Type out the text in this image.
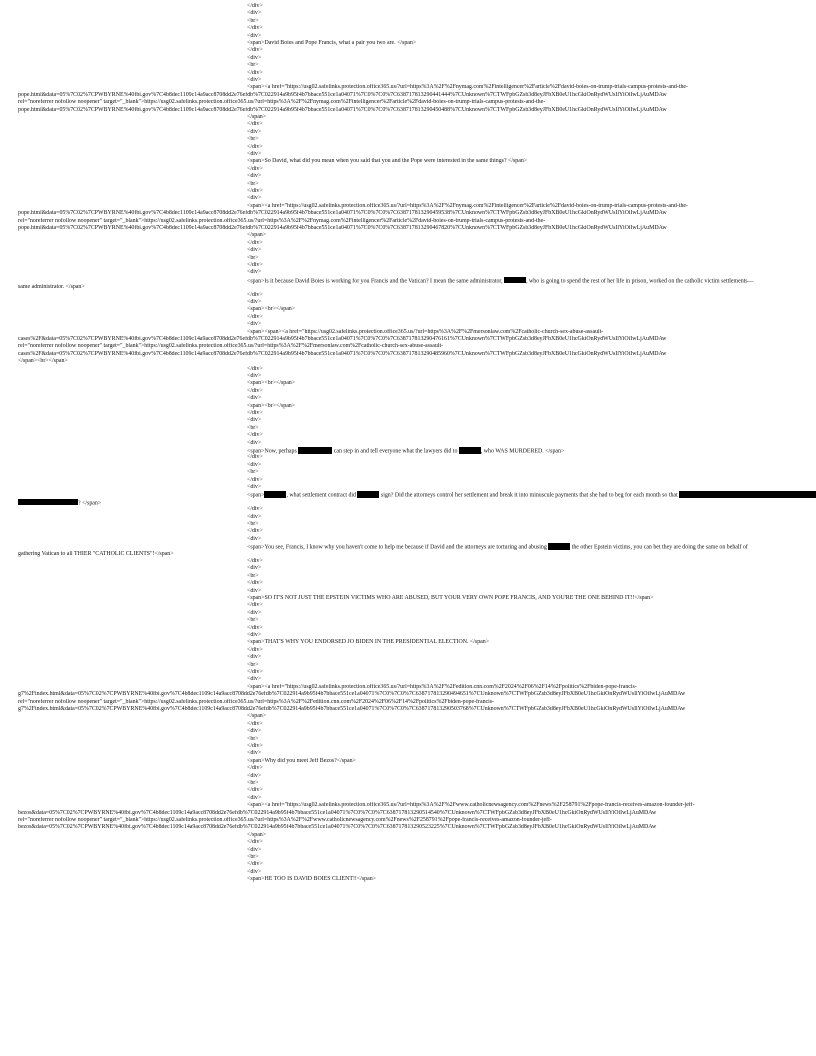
</div>
<div>
<br>
</div>
<div>
<span>David Boies and Pope Francis, what a pair you two are. </span>
</div>
<div>
<br>
</div>
<div>
<span><a href="https://usg02.safelinks.protection.office365.us/?url=https%3A%2F%2Fnymag.com%2Fintelligencer%2Farticle%2Fdavid-boies-on-trump-trials-campus-protests-and-the-
pope.html&data=05%7C02%7CPWBYRNE%40fbi.gov%7C4b8dec1109c14a9acc8708dd2e76efdb%7C022914a9b95f4b7bbace551ce1a04071%7C0%7C0%7C638717813290441444%7CUnknown%7CTWFpbGZsb3d8eyJFbXB0eU1hcGkiOnRydWUsIlYiOiIwLjAuMDAw
rel="noreferrer nofollow noopener" target="_blank">https://usg02.safelinks.protection.office365.us/?url=https%3A%2F%2Fnymag.com%2Fintelligencer%2Farticle%2Fdavid-boies-on-trump-trials-campus-protests-and-the-
pope.html&data=05%7C02%7CPWBYRNE%40fbi.gov%7C4b8dec1109c14a9acc8708dd2e76efdb%7C022914a9b95f4b7bbace551ce1a04071%7C0%7C0%7C638717813290450488%7CUnknown%7CTWFpbGZsb3d8eyJFbXB0eU1hcGkiOnRydWUsIlYiOiIwLjAuMDAw
</span>
</div>
<div>
<br>
</div>
<div>
<span>So David, what did you mean when you said that you and the Pope were interested in the same things? </span>
</div>
<div>
<br>
</div>
<div>
<span><a href="https://usg02.safelinks.protection.office365.us/?url=https%3A%2F%2Fnymag.com%2Fintelligencer%2Farticle%2Fdavid-boies-on-trump-trials-campus-protests-and-the-
pope.html&data=05%7C02%7CPWBYRNE%40fbi.gov%7C4b8dec1109c14a9acc8708dd2e76efdb%7C022914a9b95f4b7bbace551ce1a04071%7C0%7C0%7C638717813290459538%7CUnknown%7CTWFpbGZsb3d8eyJFbXB0eU1hcGkiOnRydWUsIlYiOiIwLjAuMDAw
rel="noreferrer nofollow noopener" target="_blank">https://usg02.safelinks.protection.office365.us/?url=https%3A%2F%2Fnymag.com%2Fintelligencer%2Farticle%2Fdavid-boies-on-trump-trials-campus-protests-and-the-
pope.html&data=05%7C02%7CPWBYRNE%40fbi.gov%7C4b8dec1109c14a9acc8708dd2e76efdb%7C022914a9b95f4b7bbace551ce1a04071%7C0%7C0%7C638717813290467820%7CUnknown%7CTWFpbGZsb3d8eyJFbXB0eU1hcGkiOnRydWUsIlYiOiIwLjAuMDAw
</span>
</div>
<div>
<br>
</div>
<div>
<span>Is it because David Boies is working for you Francis and the Vatican? I mean the same administrator,	, who is going to spend the rest of her life in prison, worked on the catholic victim settlements—
same administrator. </span>
</div>
<div>
<span><br></span>
</div>
<div>
<span><span><a href="https://usg02.safelinks.protection.office365.us/?url=https%3A%2F%2Fmersonlaw.com%2Fcatholic-church-sex-abuse-assault-
cases%2F&data=05%7C02%7CPWBYRNE%40fbi.gov%7C4b8dec1109c14a9acc8708dd2e76efdb%7C022914a9b95f4b7bbace551ce1a04071%7C0%7C0%7C638717813290476161%7CUnknown%7CTWFpbGZsb3d8eyJFbXB0eU1hcGkiOnRydWUsIlYiOiIwLjAuMDAw
rel="noreferrer nofollow noopener" target="_blank">https://usg02.safelinks.protection.office365.us/?url=https%3A%2F%2Fmersonlaw.com%2Fcatholic-church-sex-abuse-assault-
cases%2F&data=05%7C02%7CPWBYRNE%40fbi.gov%7C4b8dec1109c14a9acc8708dd2e76efdb%7C022914a9b95f4b7bbace551ce1a04071%7C0%7C0%7C638717813290485960%7CUnknown%7CTWFpbGZsb3d8eyJFbXB0eU1hcGkiOnRydWUsIlYiOiIwLjAuMDAw
</span><br></span>
</div>
<div>
<span><br></span>
</div>
<div>
<span><br></span>
</div>
<div>
<br>
</div>
<div>
<span>Now, perhaps	can step in and tell everyone what the lawyers did to	, who WAS MURDERED. </span>
</div>
<div>
<br>
</div>
<div>
<span>	, what settlement contract did	sign? Did the attorneys control her settlement and break it into minuscule payments that she had to beg for each month so that
? </span>
</div>
<div>
<br>
</div>
<div>
<span>You see, Francis, I know why you haven't come to help me because if David and the attorneys are torturing and abusing	the other Epstein victims, you can bet they are doing the same on behalf of
gathering Vatican to all THIER "CATHOLIC CLIENTS"!</span>
</div>
<div>
<br>
</div>
<div>
<span>SO IT'S NOT JUST THE EPSTEIN VICTIMS WHO ARE ABUSED, BUT YOUR VERY OWN POPE FRANCIS, AND YOU'RE THE ONE BEHIND IT!!</span>
</div>
<div>
<br>
</div>
<div>
<span>THAT'S WHY YOU ENDORSED JO BIDEN IN THE PRESIDENTIAL ELECTION. </span>
</div>
<div>
<br>
</div>
<div>
<span><a href="https://usg02.safelinks.protection.office365.us/?url=https%3A%2F%2Fedition.cnn.com%2F2024%2F06%2F14%2Fpolitics%2Fbiden-pope-francis-
g7%2Findex.html&data=05%7C02%7CPWBYRNE%40fbi.gov%7C4b8dec1109c14a9acc8708dd2e76efdb%7C022914a9b95f4b7bbace551ce1a04071%7C0%7C0%7C638717813290494651%7CUnknown%7CTWFpbGZsb3d8eyJFbXB0eU1hcGkiOnRydWUsIlYiOiIwLjAuMDAw
rel="noreferrer nofollow noopener" target="_blank">https://usg02.safelinks.protection.office365.us/?url=https%3A%2F%2Fedition.cnn.com%2F2024%2F06%2F14%2Fpolitics%2Fbiden-pope-francis-
g7%2Findex.html&data=05%7C02%7CPWBYRNE%40fbi.gov%7C4b8dec1109c14a9acc8708dd2e76efdb%7C022914a9b95f4b7bbace551ce1a04071%7C0%7C0%7C638717813290503768%7CUnknown%7CTWFpbGZsb3d8eyJFbXB0eU1hcGkiOnRydWUsIlYiOiIwLjAuMDAw
</span>
</div>
<div>
<br>
</div>
<div>
<span>Why did you meet Jeff Bezos?</span>
</div>
<div>
<br>
</div>
<div>
<span><a href="https://usg02.safelinks.protection.office365.us/?url=https%3A%2F%2Fwww.catholicnewsagency.com%2Fnews%2F258791%2Fpope-francis-receives-amazon-founder-jeff-
bezos&data=05%7C02%7CPWBYRNE%40fbi.gov%7C4b8dec1109c14a9acc8708dd2e76efdb%7C022914a9b95f4b7bbace551ce1a04071%7C0%7C0%7C638717813290514540%7CUnknown%7CTWFpbGZsb3d8eyJFbXB0eU1hcGkiOnRydWUsIlYiOiIwLjAuMDAw
rel="noreferrer nofollow noopener" target="_blank">https://usg02.safelinks.protection.office365.us/?url=https%3A%2F%2Fwww.catholicnewsagency.com%2Fnews%2F258791%2Fpope-francis-receives-amazon-founder-jeff-
bezos&data=05%7C02%7CPWBYRNE%40fbi.gov%7C4b8dec1109c14a9acc8708dd2e76efdb%7C022914a9b95f4b7bbace551ce1a04071%7C0%7C0%7C638717813290523225%7CUnknown%7CTWFpbGZsb3d8eyJFbXB0eU1hcGkiOnRydWUsIlYiOiIwLjAuMDAw
</span>
</div>
<div>
<br>
</div>
<div>
<span>HE TOO IS DAVID BOIES CLIENT!!</span>
